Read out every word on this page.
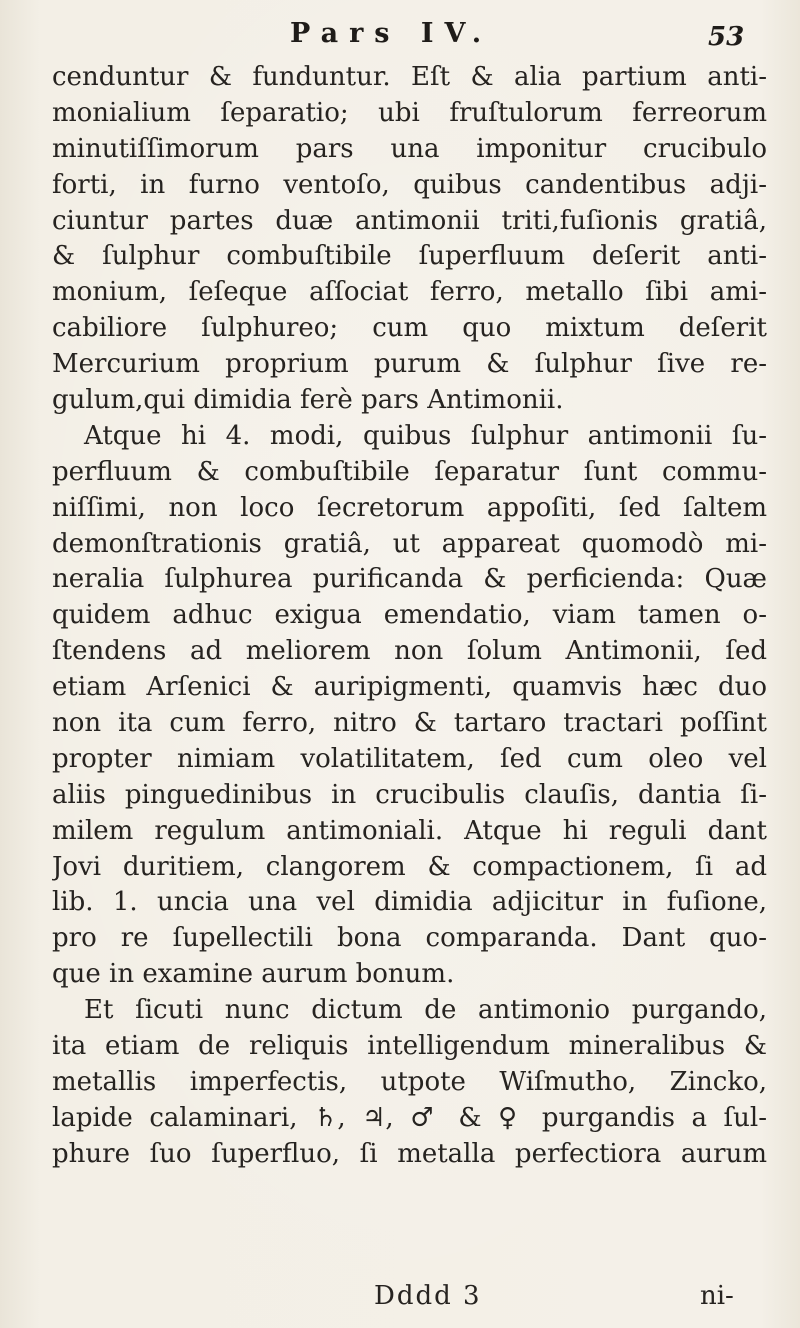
Pars IV.	53
cenduntur & funduntur. Eſt & alia partium anti-
monialium ſeparatio; ubi fruſtulorum ferreorum
minutiſſimorum pars una imponitur crucibulo
forti, in furno ventoſo, quibus candentibus adji-
ciuntur partes duæ antimonii triti,fuſionis gratiâ,
& ſulphur combuſtibile ſuperfluum deſerit anti-
monium, ſeſeque aſſociat ferro, metallo ſibi ami-
cabiliore ſulphureo; cum quo mixtum deſerit
Mercurium proprium purum & ſulphur ſive re-
gulum,qui dimidia ferè pars Antimonii.
Atque hi 4. modi, quibus ſulphur antimonii ſu-
perfluum & combuſtibile ſeparatur ſunt commu-
niſſimi, non loco ſecretorum appoſiti, ſed ſaltem
demonſtrationis gratiâ, ut appareat quomodò mi-
neralia ſulphurea purificanda & perficienda: Quæ
quidem adhuc exigua emendatio, viam tamen o-
ſtendens ad meliorem non ſolum Antimonii, ſed
etiam Arſenici & auripigmenti, quamvis hæc duo
non ita cum ferro, nitro & tartaro tractari poſſint
propter nimiam volatilitatem, ſed cum oleo vel
aliis pinguedinibus in crucibulis clauſis, dantia ſi-
milem regulum antimoniali. Atque hi reguli dant
Jovi duritiem, clangorem & compactionem, ſi ad
lib. 1. uncia una vel dimidia adjicitur in fuſione,
pro re ſupellectili bona comparanda. Dant quo-
que in examine aurum bonum.
Et ſicuti nunc dictum de antimonio purgando,
ita etiam de reliquis intelligendum mineralibus &
metallis imperfectis, utpote Wiſmutho, Zincko,
lapide calaminari, ♄, ♃, ♂ & ♀ purgandis a ſul-
phure ſuo ſuperfluo, ſi metalla perfectiora aurum
Dddd 3	ni-
